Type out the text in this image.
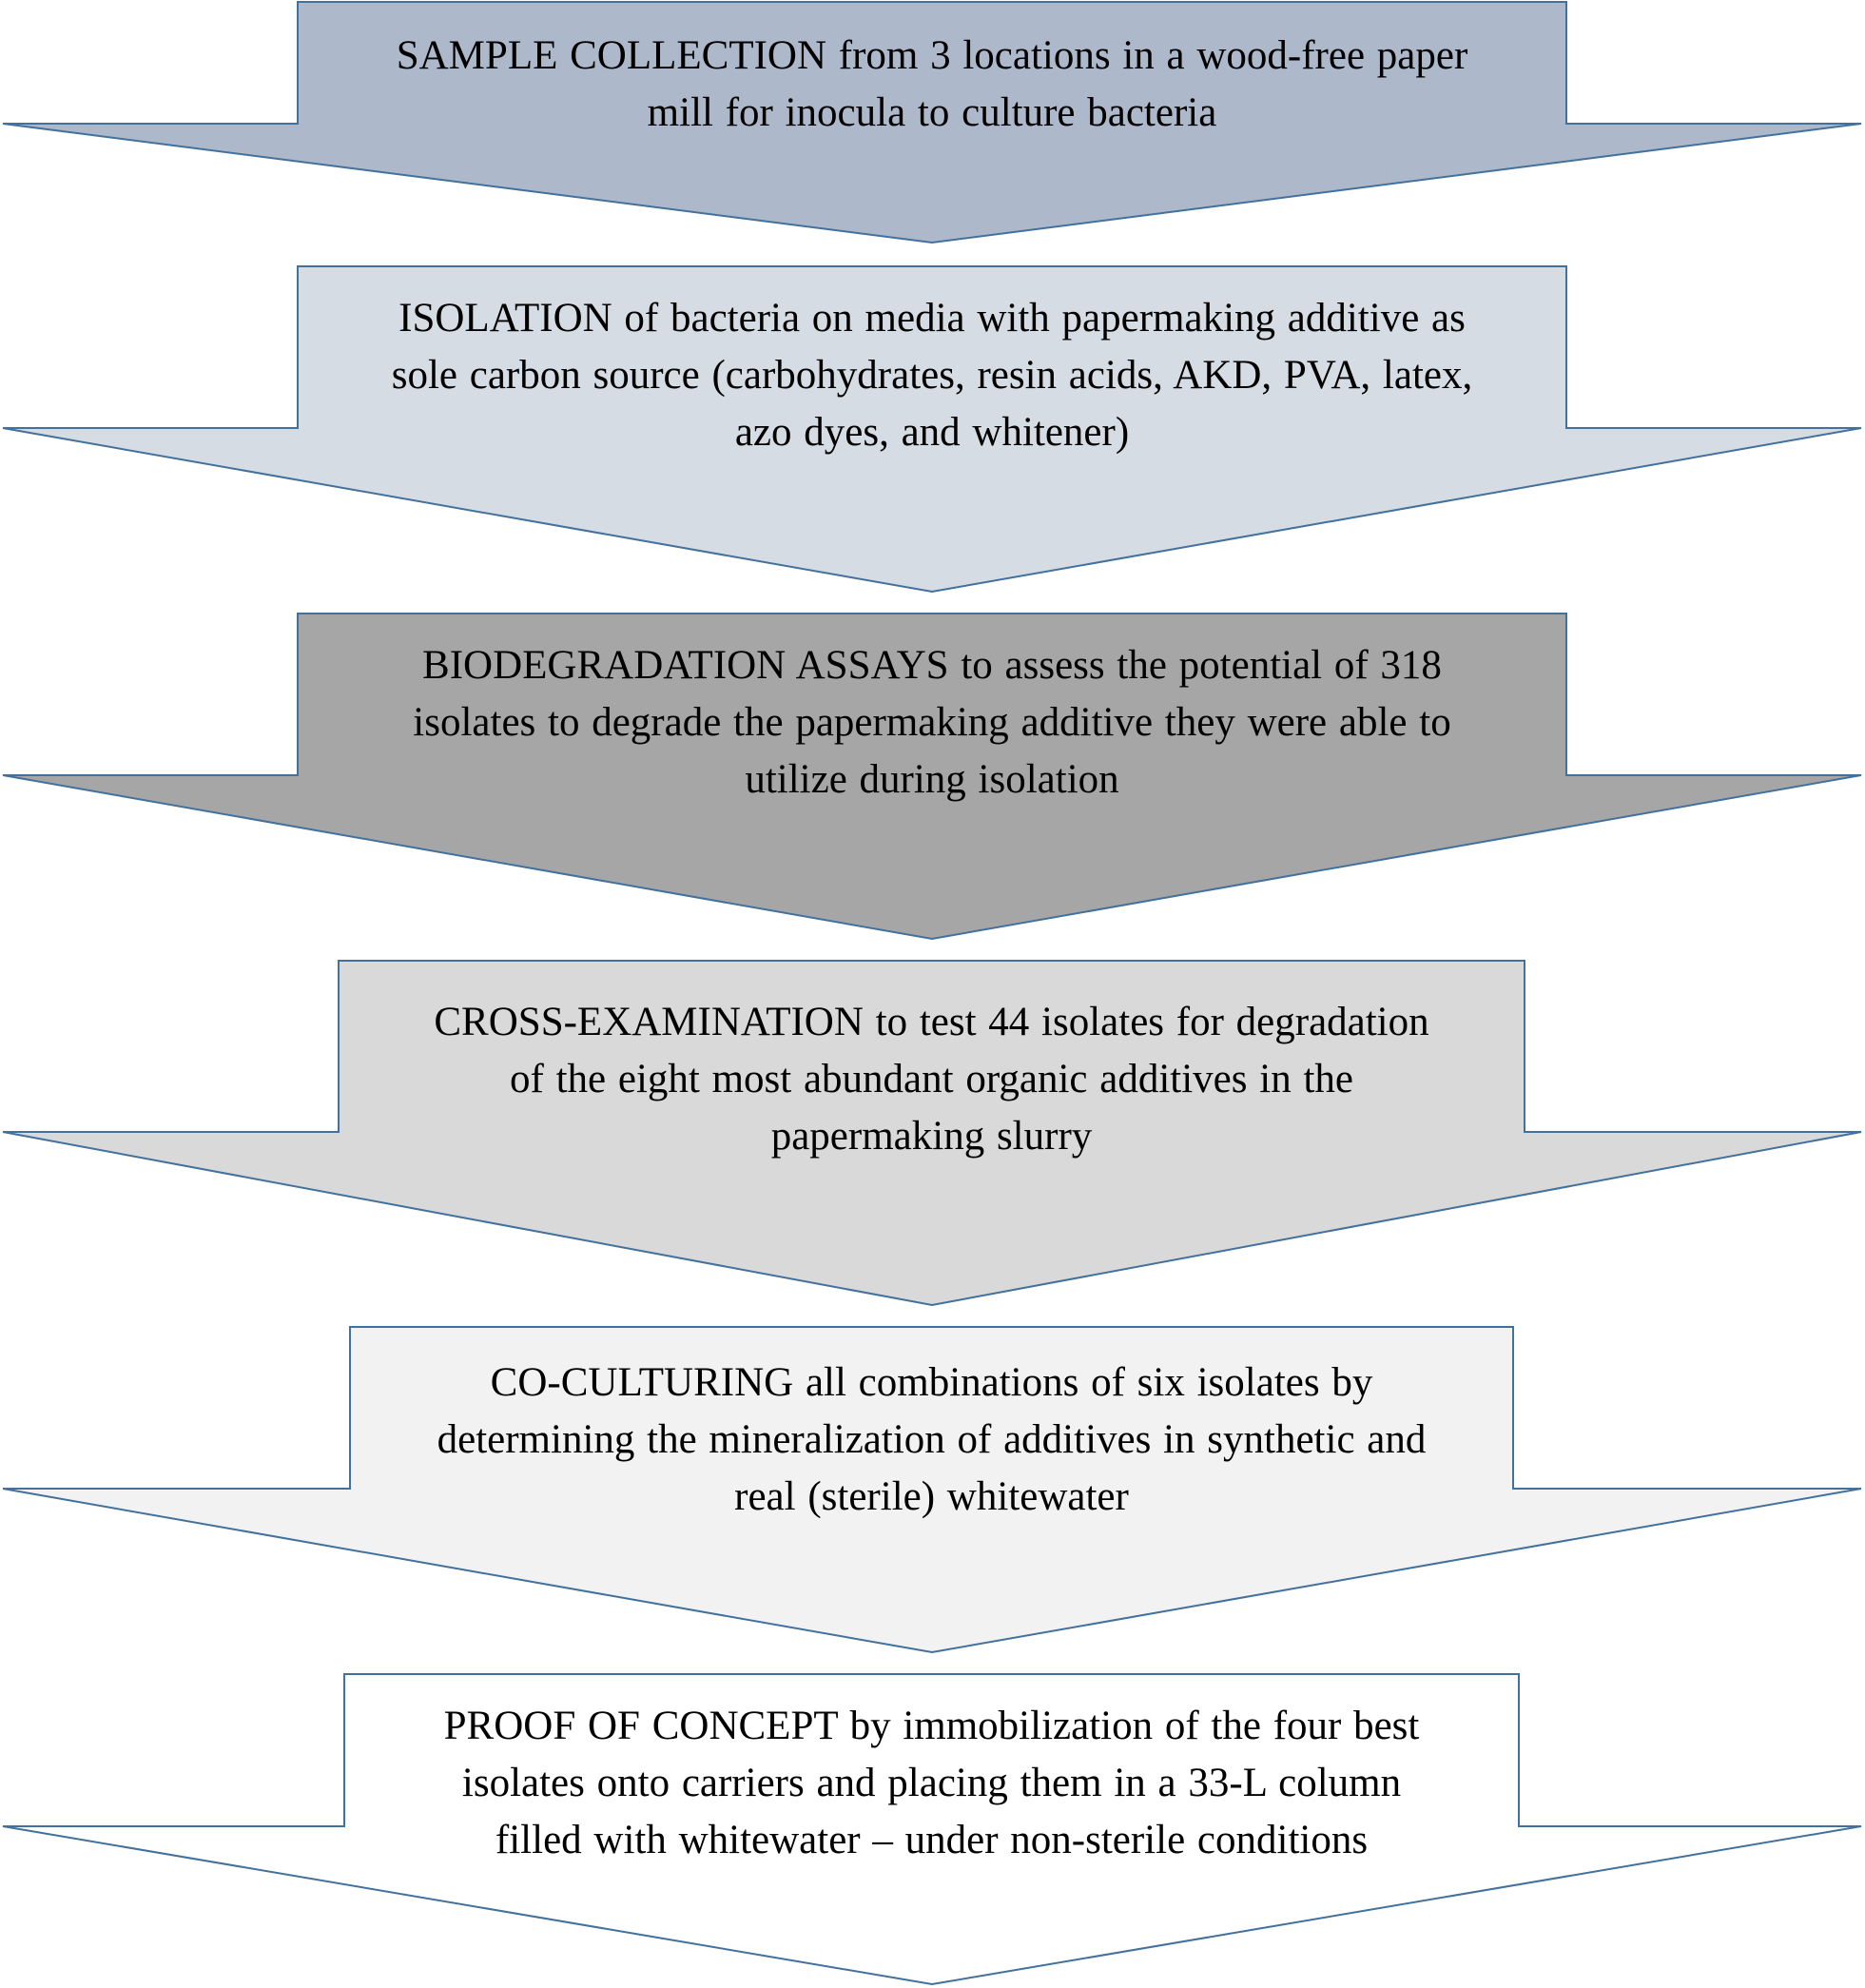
SAMPLE COLLECTION from 3 locations in a wood-free paper
mill for inocula to culture bacteria
ISOLATION of bacteria on media with papermaking additive as
sole carbon source (carbohydrates, resin acids, AKD, PVA, latex,
azo dyes, and whitener)
BIODEGRADATION ASSAYS to assess the potential of 318
isolates to degrade the papermaking additive they were able to
utilize during isolation
CROSS-EXAMINATION to test 44 isolates for degradation
of the eight most abundant organic additives in the
papermaking slurry
CO-CULTURING all combinations of six isolates by
determining the mineralization of additives in synthetic and
real (sterile) whitewater
PROOF OF CONCEPT by immobilization of the four best
isolates onto carriers and placing them in a 33-L column
filled with whitewater – under non-sterile conditions
